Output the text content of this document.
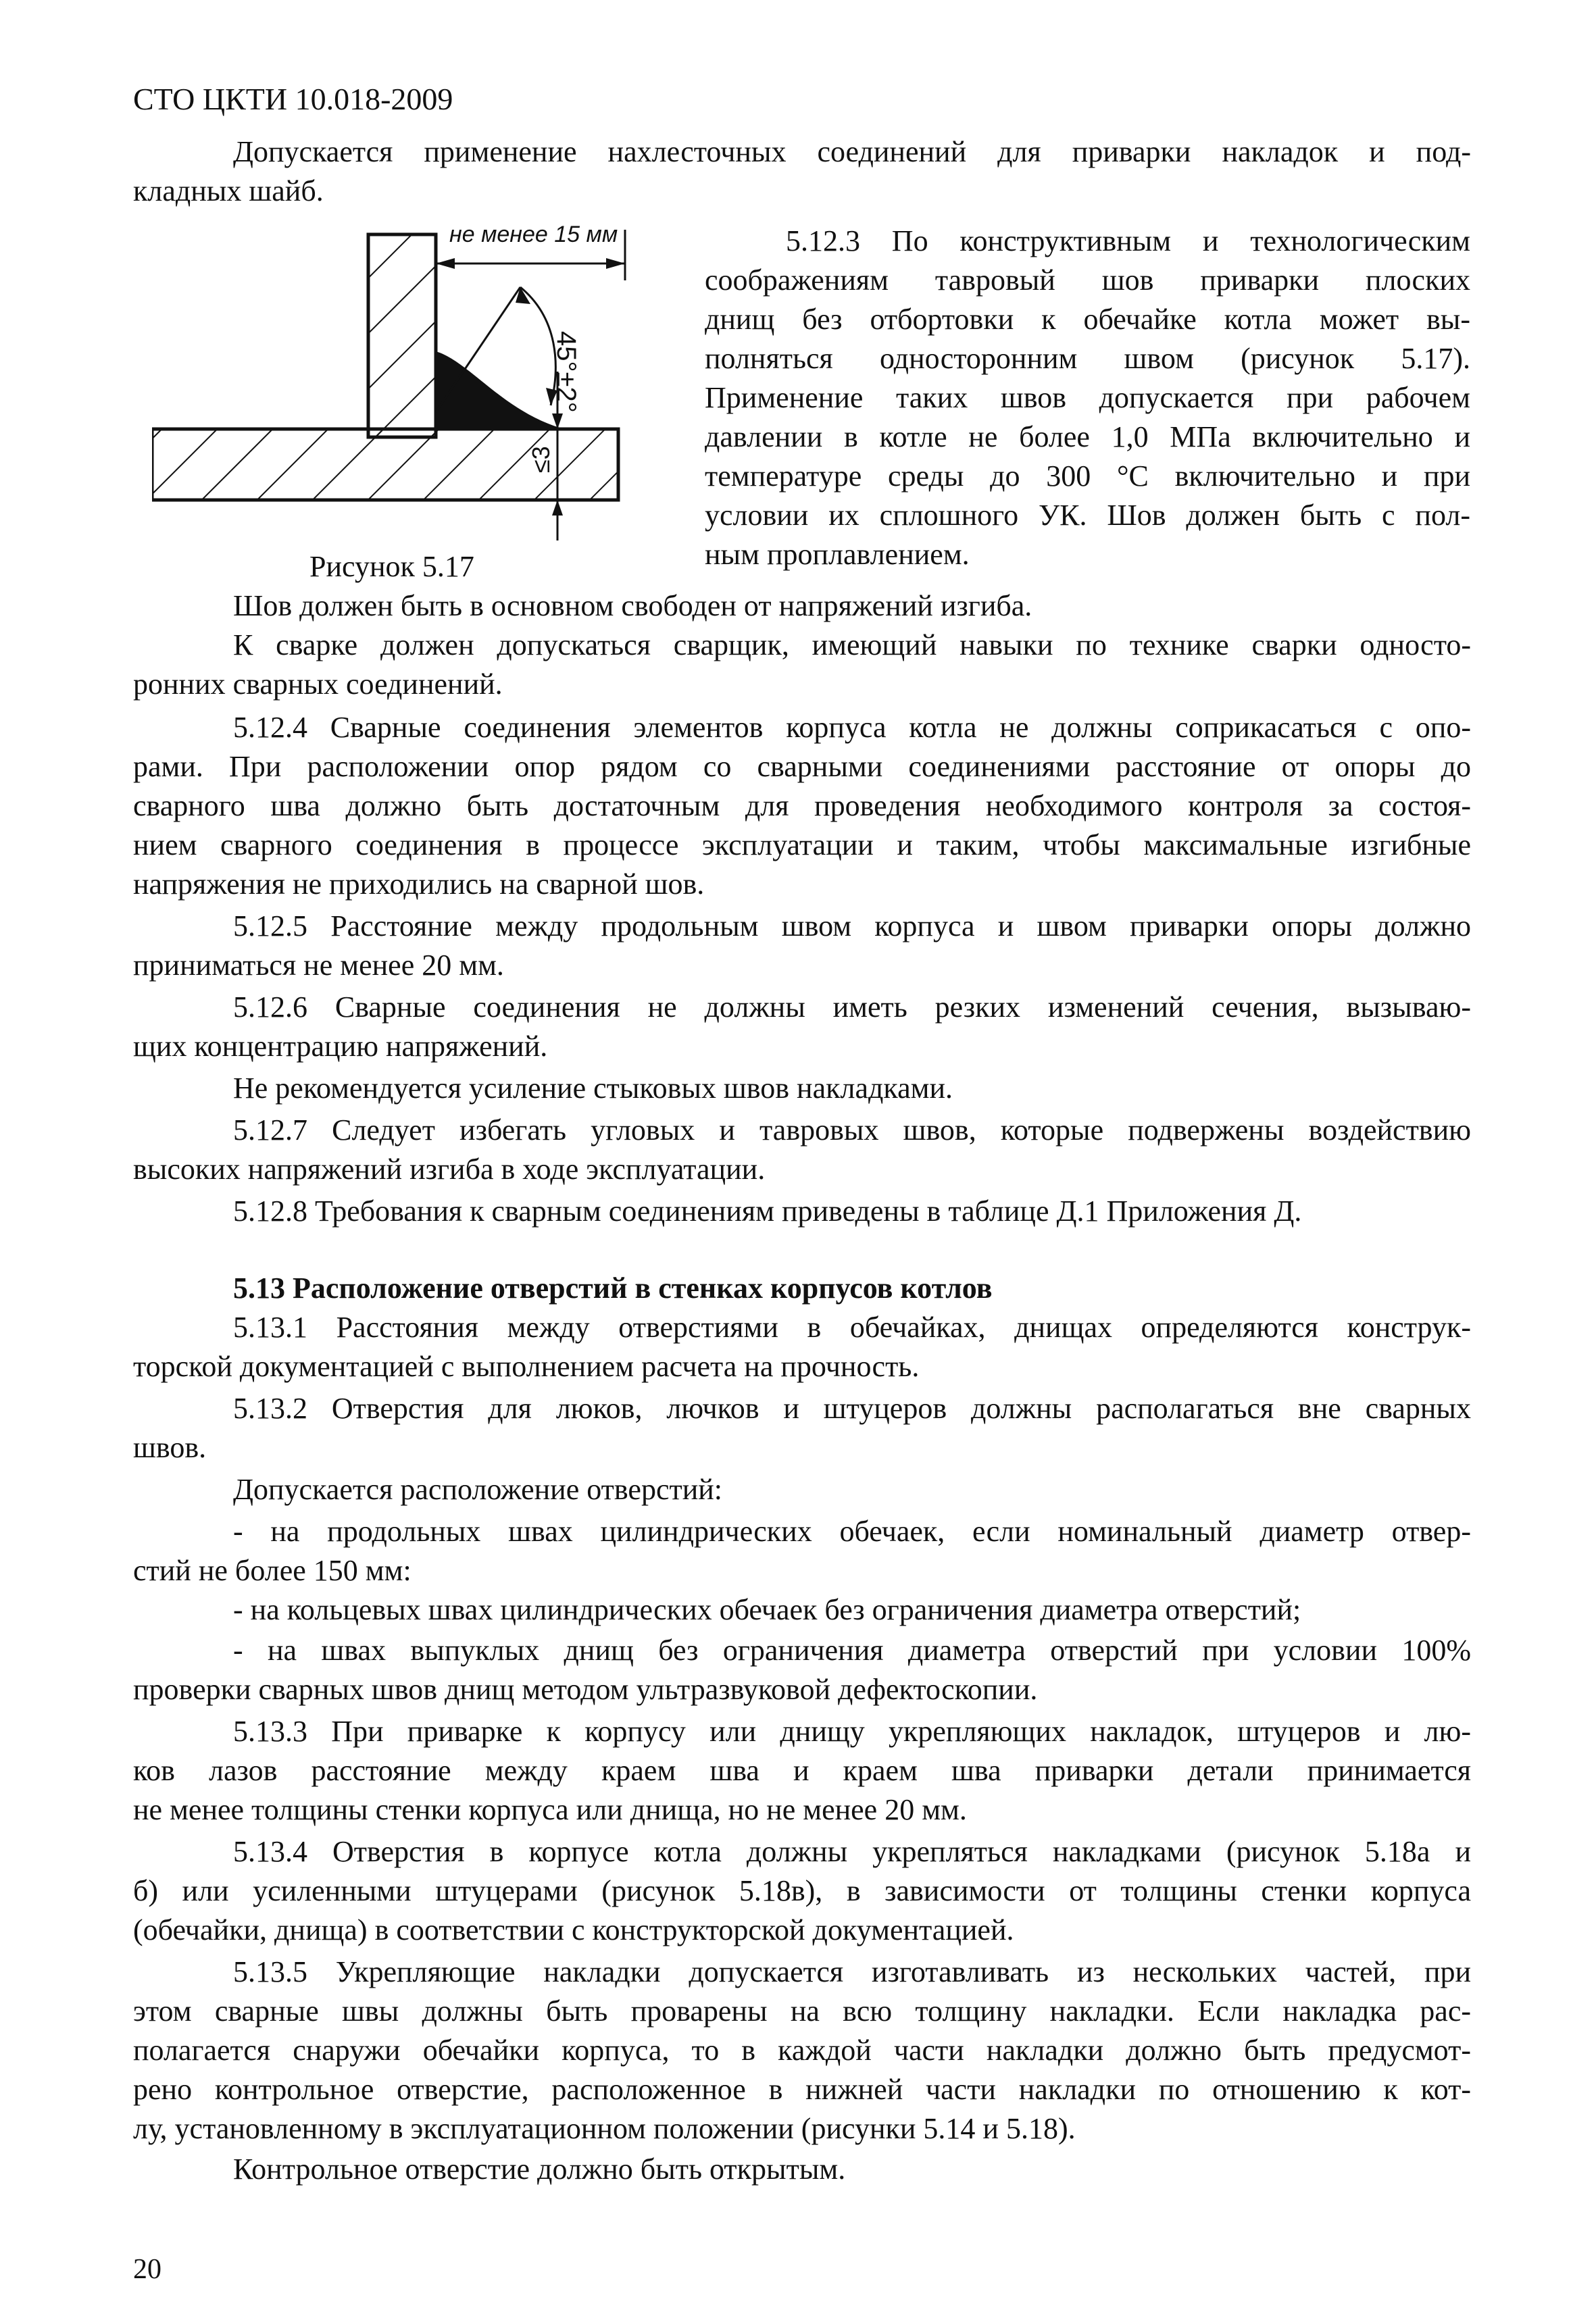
СТО ЦКТИ 10.018-2009
Допускается применение нахлесточных соединений для приварки накладок и под-
кладных шайб.
не менее 15 мм
45°±2°
≤3
Рисунок 5.17
5.12.3 По конструктивным и технологическим
соображениям тавровый шов приварки плоских
днищ без отбортовки к обечайке котла может вы-
полняться односторонним швом (рисунок 5.17).
Применение таких швов допускается при рабочем
давлении в котле не более 1,0 МПа включительно и
температуре среды до 300 °С включительно и при
условии их сплошного УК. Шов должен быть с пол-
ным проплавлением.
Шов должен быть в основном свободен от напряжений изгиба.
К сварке должен допускаться сварщик, имеющий навыки по технике сварки односто-
ронних сварных соединений.
5.12.4 Сварные соединения элементов корпуса котла не должны соприкасаться с опо-
рами. При расположении опор рядом со сварными соединениями расстояние от опоры до
сварного шва должно быть достаточным для проведения необходимого контроля за состоя-
нием сварного соединения в процессе эксплуатации и таким, чтобы максимальные изгибные
напряжения не приходились на сварной шов.
5.12.5 Расстояние между продольным швом корпуса и швом приварки опоры должно
приниматься не менее 20 мм.
5.12.6 Сварные соединения не должны иметь резких изменений сечения, вызываю-
щих концентрацию напряжений.
Не рекомендуется усиление стыковых швов накладками.
5.12.7 Следует избегать угловых и тавровых швов, которые подвержены воздействию
высоких напряжений изгиба в ходе эксплуатации.
5.12.8 Требования к сварным соединениям приведены в таблице Д.1 Приложения Д.
5.13 Расположение отверстий в стенках корпусов котлов
5.13.1 Расстояния между отверстиями в обечайках, днищах определяются конструк-
торской документацией с выполнением расчета на прочность.
5.13.2 Отверстия для люков, лючков и штуцеров должны располагаться вне сварных
швов.
Допускается расположение отверстий:
- на продольных швах цилиндрических обечаек, если номинальный диаметр отвер-
стий не более 150 мм:
- на кольцевых швах цилиндрических обечаек без ограничения диаметра отверстий;
- на швах выпуклых днищ без ограничения диаметра отверстий при условии 100%
проверки сварных швов днищ методом ультразвуковой дефектоскопии.
5.13.3 При приварке к корпусу или днищу укрепляющих накладок, штуцеров и лю-
ков лазов расстояние между краем шва и краем шва приварки детали принимается
не менее толщины стенки корпуса или днища, но не менее 20 мм.
5.13.4 Отверстия в корпусе котла должны укрепляться накладками (рисунок 5.18а и
б) или усиленными штуцерами (рисунок 5.18в), в зависимости от толщины стенки корпуса
(обечайки, днища) в соответствии с конструкторской документацией.
5.13.5 Укрепляющие накладки допускается изготавливать из нескольких частей, при
этом сварные швы должны быть проварены на всю толщину накладки. Если накладка рас-
полагается снаружи обечайки корпуса, то в каждой части накладки должно быть предусмот-
рено контрольное отверстие, расположенное в нижней части накладки по отношению к кот-
лу, установленному в эксплуатационном положении (рисунки 5.14 и 5.18).
Контрольное отверстие должно быть открытым.
20
